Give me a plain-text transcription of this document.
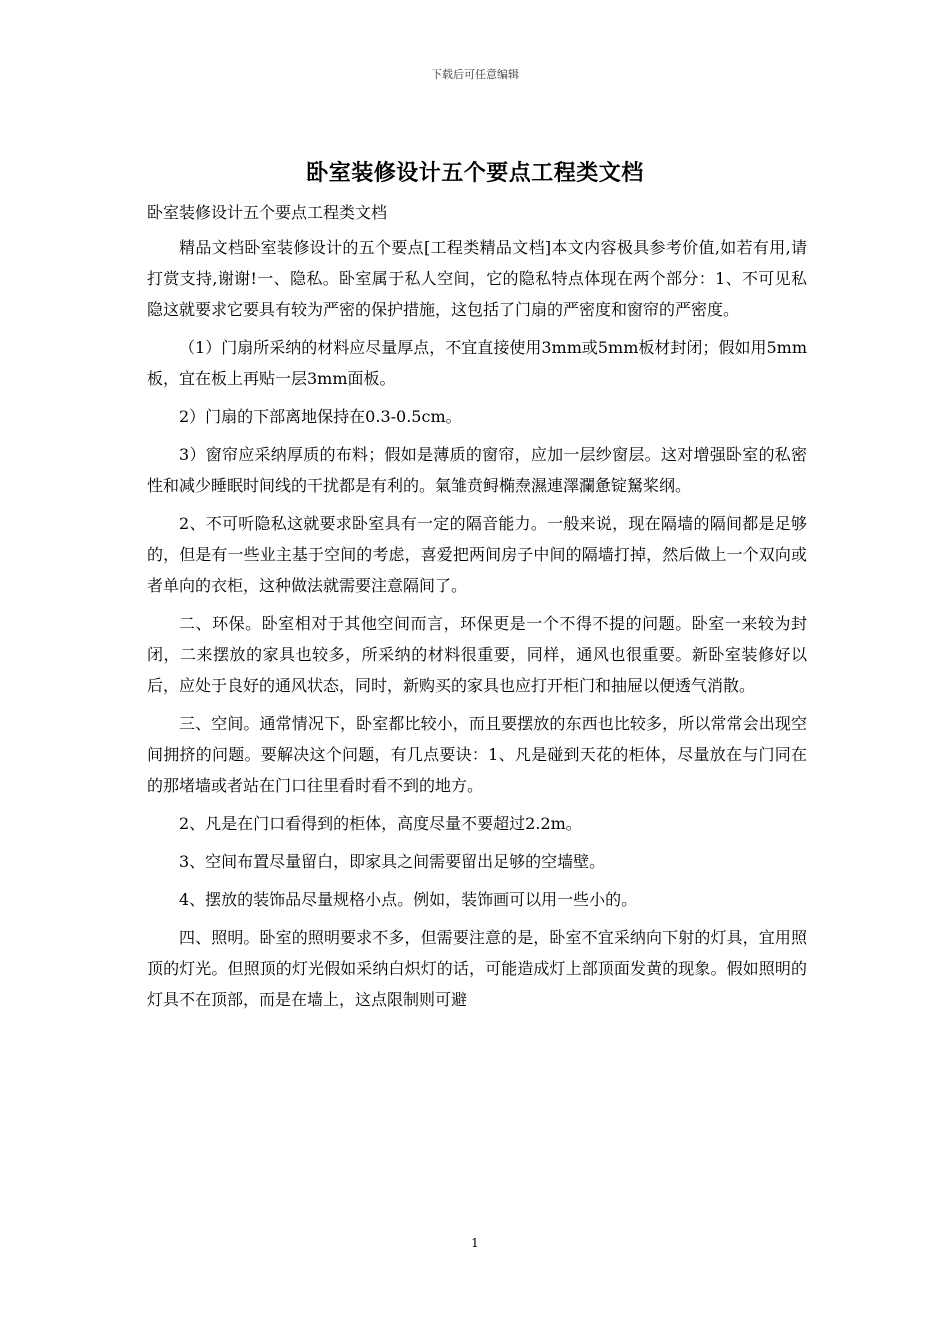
下载后可任意编辑
卧室装修设计五个要点工程类文档

卧室装修设计五个要点工程类文档

精品文档卧室装修设计的五个要点[工程类精品文档]本文内容极具参考价值,如若有用,请打赏支持,谢谢!一、隐私。卧室属于私人空间，它的隐私特点体现在两个部分：1、不可见私隐这就要求它要具有较为严密的保护措施，这包括了门扇的严密度和窗帘的严密度。

（1）门扇所采纳的材料应尽量厚点，不宜直接使用3mm或5mm板材封闭；假如用5mm板，宜在板上再贴一层3mm面板。

2）门扇的下部离地保持在0.3-0.5cm。

3）窗帘应采纳厚质的布料；假如是薄质的窗帘，应加一层纱窗层。这对增强卧室的私密性和减少睡眠时间线的干扰都是有利的。氣雏贲鲟椭焘濕連澤瀾惫锭駑桨纲。

2、不可听隐私这就要求卧室具有一定的隔音能力。一般来说，现在隔墙的隔间都是足够的，但是有一些业主基于空间的考虑，喜爱把两间房子中间的隔墙打掉，然后做上一个双向或者单向的衣柜，这种做法就需要注意隔间了。

二、环保。卧室相对于其他空间而言，环保更是一个不得不提的问题。卧室一来较为封闭，二来摆放的家具也较多，所采纳的材料很重要，同样，通风也很重要。新卧室装修好以后，应处于良好的通风状态，同时，新购买的家具也应打开柜门和抽屉以便透气消散。

三、空间。通常情况下，卧室都比较小，而且要摆放的东西也比较多，所以常常会出现空间拥挤的问题。要解决这个问题，有几点要诀：1、凡是碰到天花的柜体，尽量放在与门同在的那堵墙或者站在门口往里看时看不到的地方。

2、凡是在门口看得到的柜体，高度尽量不要超过2.2m。

3、空间布置尽量留白，即家具之间需要留出足够的空墙壁。

4、摆放的装饰品尽量规格小点。例如，装饰画可以用一些小的。

四、照明。卧室的照明要求不多，但需要注意的是，卧室不宜采纳向下射的灯具，宜用照顶的灯光。但照顶的灯光假如采纳白炽灯的话，可能造成灯上部顶面发黄的现象。假如照明的灯具不在顶部，而是在墙上，这点限制则可避

1
